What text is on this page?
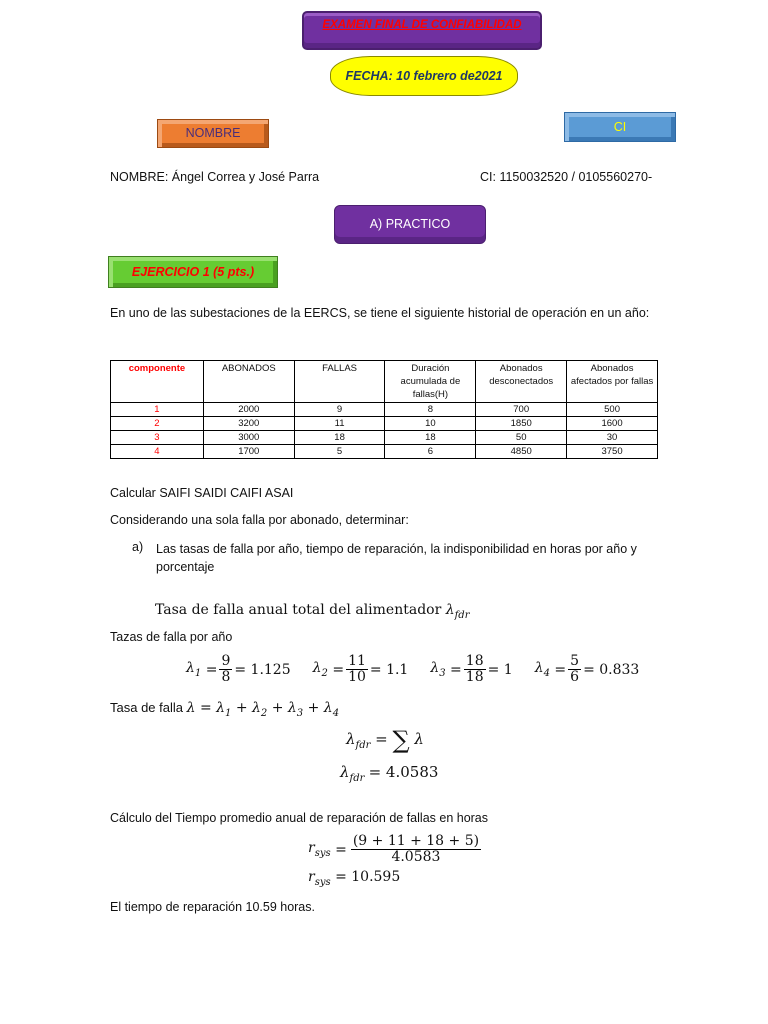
EXAMEN FINAL DE CONFIABILIDAD
FECHA: 10 febrero de2021
NOMBRE	CI
NOMBRE: Ángel Correa y José Parra	CI: 1150032520 / 0105560270-
A) PRACTICO
EJERCICIO 1 (5 pts.)
En uno de las subestaciones de la EERCS, se tiene el siguiente historial de operación en un año:
componente	ABONADOS	FALLAS	Duración acumulada de fallas(H)	Abonados desconectados	Abonados afectados por fallas
1	2000	9	8	700	500
2	3200	11	10	1850	1600
3	3000	18	18	50	30
4	1700	5	6	4850	3750
Calcular SAIFI SAIDI CAIFI ASAI
Considerando una sola falla por abonado, determinar:
a) Las tasas de falla por año, tiempo de reparación, la indisponibilidad en horas por año y porcentaje
Tasa de falla anual total del alimentador $\lambda_{fdr}$
Tazas de falla por año
$\lambda_1 = \frac{9}{8} = 1.125$ $\lambda_2 = \frac{11}{10} = 1.1$ $\lambda_3 = \frac{18}{18} = 1$ $\lambda_4 = \frac{5}{6} = 0.833$
Tasa de falla $\lambda = \lambda_1 + \lambda_2 + \lambda_3 + \lambda_4$
$\lambda_{fdr}$ = ∑ λ
$\lambda_{fdr} = 4.0583$
Cálculo del Tiempo promedio anual de reparación de fallas en horas
$r_{sys} = \frac{(9 + 11 + 18 + 5)}{4.0583}$
$r_{sys} = 10.595$
El tiempo de reparación 10.59 horas.
